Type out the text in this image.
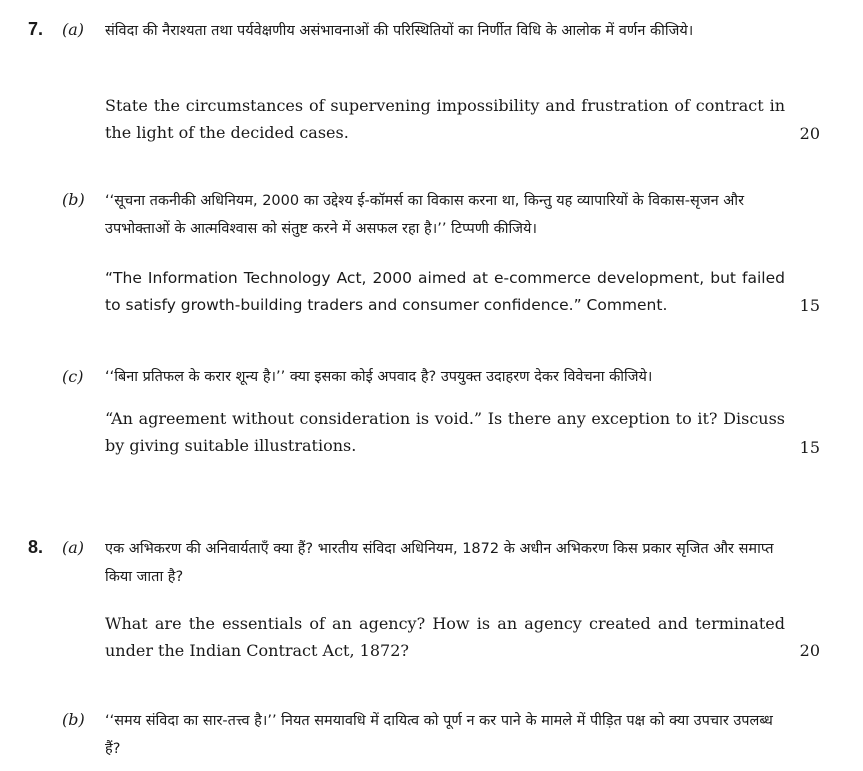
7. (a) संविदा की नैराश्यता तथा पर्यवेक्षणीय असंभावनाओं की परिस्थितियों का निर्णीत विधि के आलोक में वर्णन कीजिये।
State the circumstances of supervening impossibility and frustration of contract in the light of the decided cases.	20
(b) ‘‘सूचना तकनीकी अधिनियम, 2000 का उद्देश्य ई-कॉमर्स का विकास करना था, किन्तु यह व्यापारियों के विकास-सृजन और उपभोक्ताओं के आत्मविश्वास को संतुष्ट करने में असफल रहा है।’’ टिप्पणी कीजिये।
“The Information Technology Act, 2000 aimed at e-commerce development, but failed to satisfy growth-building traders and consumer confidence.” Comment.	15
(c) ‘‘बिना प्रतिफल के करार शून्य है।’’ क्या इसका कोई अपवाद है? उपयुक्त उदाहरण देकर विवेचना कीजिये।
“An agreement without consideration is void.” Is there any exception to it? Discuss by giving suitable illustrations.	15
8. (a) एक अभिकरण की अनिवार्यताएँ क्या हैं? भारतीय संविदा अधिनियम, 1872 के अधीन अभिकरण किस प्रकार सृजित और समाप्त किया जाता है?
What are the essentials of an agency? How is an agency created and terminated under the Indian Contract Act, 1872?	20
(b) ‘‘समय संविदा का सार-तत्त्व है।’’ नियत समयावधि में दायित्व को पूर्ण न कर पाने के मामले में पीड़ित पक्ष को क्या उपचार उपलब्ध हैं?
